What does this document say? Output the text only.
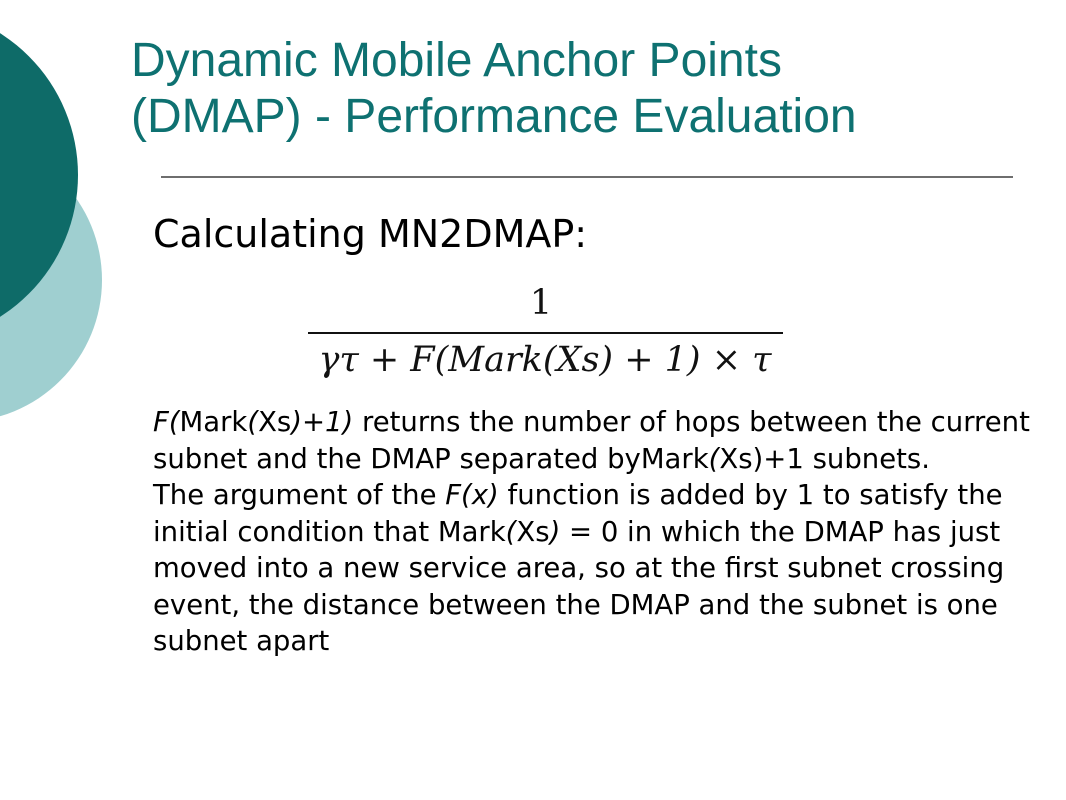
Dynamic Mobile Anchor Points
(DMAP) - Performance Evaluation
Calculating MN2DMAP:
1
γτ + F(Mark(Xs) + 1) × τ

F(Mark(Xs)+1) returns the number of hops between the current subnet and the DMAP separated byMark(Xs)+1 subnets.

The argument of the F(x) function is added by 1 to satisfy the initial condition that Mark(Xs) = 0 in which the DMAP has just moved into a new service area, so at the first subnet crossing event, the distance between the DMAP and the subnet is one subnet apart
